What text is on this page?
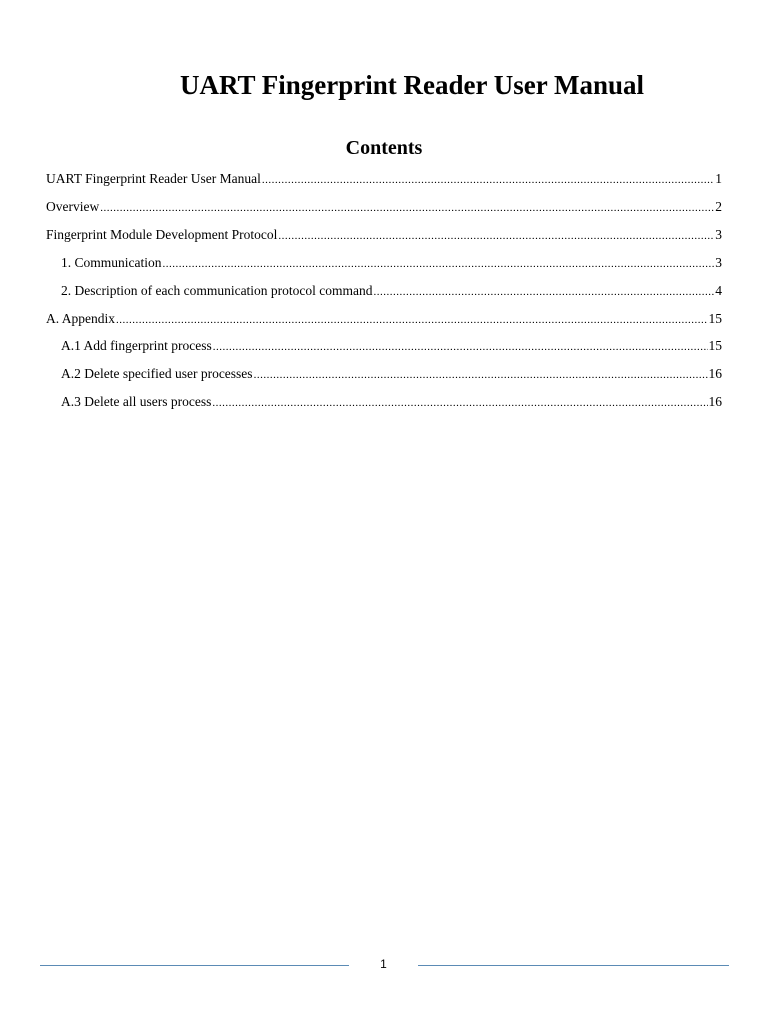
UART Fingerprint Reader User Manual
Contents
UART Fingerprint Reader User Manual .....	1
Overview .....	2
Fingerprint Module Development Protocol .....	3
1. Communication .....	3
2. Description of each communication protocol command .....	4
A. Appendix .....	15
A.1 Add fingerprint process .....	15
A.2 Delete specified user processes .....	16
A.3 Delete all users process .....	16
1
